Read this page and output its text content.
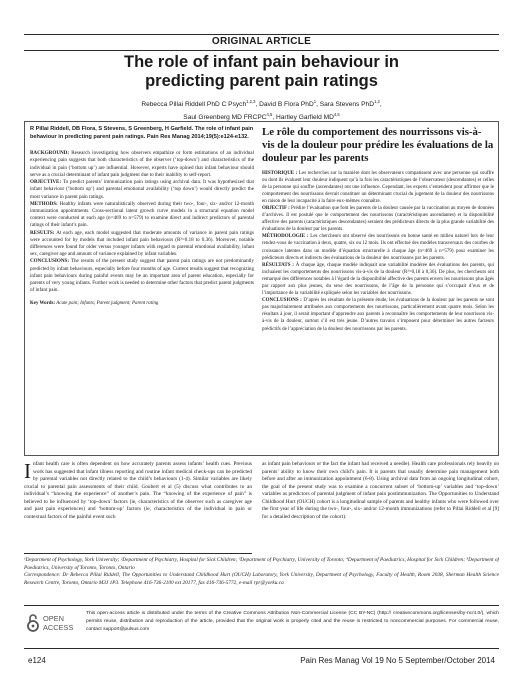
ORIGINAL ARTICLE
The role of infant pain behaviour in
predicting parent pain ratings
Rebecca Pillai Riddell PhD C Psych$^{1,2,3}$, David B Flora PhD$^1$, Sara Stevens PhD$^{1,2}$,
Saul Greenberg MD FRCPC$^{4,5}$, Hartley Garfield MD$^{4,5}$

R Pillai Riddell, DB Flora, S Stevens, S Greenberg, H Garfield. The role of infant pain behaviour in predicting parent pain ratings. Pain Res Manag 2014;19(5):e124-e132.

BACKGROUND: Research investigating how observers empathize or form estimations of an individual experiencing pain suggests that both characteristics of the observer (‘top-down’) and characteristics of the individual in pain (‘bottom up’) are influential. However, experts have opined that infant behaviour should serve as a crucial determinant of infant pain judgment due to their inability to self-report.

OBJECTIVE: To predict parents’ immunization pain ratings using archival data. It was hypothesized that infant behaviour (‘bottom up’) and parental emotional availability (‘top down’) would directly predict the most variance in parent pain ratings.

METHODS: Healthy infants were naturalistically observed during their two-, four-, six- and/or 12-month immunization appointments. Cross-sectional latent growth curve models in a structural equation model context were conducted at each age (n=469 to n=579) to examine direct and indirect predictors of parental ratings of their infant’s pain.

RESULTS: At each age, each model suggested that moderate amounts of variance in parent pain ratings were accounted for by models that included infant pain behaviours (R²=0.18 to 0.36). Moreover, notable differences were found for older versus younger infants with regard to parental emotional availability, infant sex, caregiver age and amount of variance explained by infant variables.

CONCLUSIONS: The results of the present study suggest that parent pain ratings are not predominantly predicted by infant behaviours, especially before four months of age. Current results suggest that recognizing infant pain behaviours during painful events may be an important area of parent education, especially for parents of very young infants. Further work is needed to determine other factors that predict parent judgments of infant pain.

Key Words: Acute pain; Infants; Parent judgment; Parent rating

Le rôle du comportement des nourrissons vis-à-vis de la douleur pour prédire les évaluations de la douleur par les parents

HISTORIQUE : Les recherches sur la manière dont les observateurs compatissent avec une personne qui souffre ou dont ils évaluent leur douleur indiquent qu’à la fois les caractéristiques de l’observateur (descendantes) et celles de la personne qui souffre (ascendantes) ont une influence. Cependant, les experts s’entendent pour affirmer que le comportement des nourrissons devrait constituer un déterminant crucial du jugement de la douleur des nourrissons en raison de leur incapacité à la faire eux-mêmes connaître.

OBJECTIF : Prédire l’évaluation que font les parents de la douleur causée par la vaccination au moyen de données d’archives. Il est postulé que le comportement des nourrissons (caractéristiques ascendantes) et la disponibilité affective des parents (caractéristiques descendantes) seraient des prédicteurs directs de la plus grande variabilité des évaluations de la douleur par les parents.

MÉTHODOLOGIE : Les chercheurs ont observé des nourrissons en bonne santé en milieu naturel lors de leur rendez-vous de vaccination à deux, quatre, six ou 12 mois. Ils ont effectué des modèles transversaux des courbes de croissance latentes dans un modèle d’équation structurelle à chaque âge (n=469 à n=579) pour examiner les prédicteurs directs et indirects des évaluations de la douleur des nourrissons par les parents.

RÉSULTATS : À chaque âge, chaque modèle indiquait une variabilité modérée des évaluations des parents, qui incluaient les comportements des nourrissons vis-à-vis de la douleur (R²=0,18 à 0,36). De plus, les chercheurs ont remarqué des différences notables à l’égard de la disponibilité affective des parents envers les nourrissons plus âgés par rapport aux plus jeunes, du sexe des nourrissons, de l’âge de la personne qui s’occupait d’eux et de l’importance de la variabilité expliquée selon les variables des nourrissons.

CONCLUSIONS : D’après les résultats de la présente étude, les évaluations de la douleur par les parents ne sont pas majoritairement attribuées aux comportements des nourrissons, particulièrement avant quatre mois. Selon les résultats à jour, il serait important d’apprendre aux parents à reconnaître les comportements de leur nourrisson vis-à-vis de la douleur, surtout s’il est très jeune. D’autres travaux s’imposent pour déterminer les autres facteurs prédictifs de l’appréciation de la douleur des nourrissons par les parents.

Infant health care is often dependent on how accurately parents assess infants’ health cues. Previous work has suggested that infant illness reporting and routine infant medical check-ups can be predicted by parental variables not directly related to the child’s behaviours (1-4). Similar variables are likely crucial to parental pain assessments of their child. Goubert et al (5) discuss what contributes to an individual’s “knowing the experience” of another’s pain. The “knowing of the experience of pain” is believed to be influenced by ‘top-down’ factors (ie, characteristics of the observer such as caregiver age and past pain experiences) and ‘bottom-up’ factors (ie, characteristics of the individual in pain or contextual factors of the painful event such

as infant pain behaviours or the fact the infant had received a needle). Health care professionals rely heavily on parents’ ability to know their own child’s pain. It is parents that usually determine pain management both before and after an immunization appointment (6-8). Using archival data from an ongoing longitudinal cohort, the goal of the present study was to examine a concurrent subset of ‘bottom-up’ variables and ‘top-down’ variables as predictors of parental judgment of infant pain postimmunization. The Opportunities to Understand Childhood Hurt (OUCH) cohort is a longitudinal sample of parents and healthy infants who were followed over the first year of life during the two-, four-, six- and/or 12-month immunizations (refer to Pillai Riddell et al [9] for a detailed description of the cohort).

¹Department of Psychology, York University; ²Department of Psychiatry, Hospital for Sick Children; ³Department of Psychiatry, University of Toronto; ⁴Department of Paediatrics, Hospital for Sick Children; ⁵Department of Paediatrics, University of Toronto, Toronto, Ontario

Correspondence: Dr Rebecca Pillai Riddell, The Opportunities to Understand Childhood Hurt (OUCH) Laboratory, York University, Department of Psychology, Faculty of Health, Room 2038, Sherman Health Science Research Centre, Toronto, Ontario M3J 1P3. Telephone 416-736-2100 ext 20177, fax 416-736-5772, e-mail rpr@yorku.ca

OPEN
ACCESS

This open-access article is distributed under the terms of the Creative Commons Attribution Non-Commercial License (CC BY-NC) (http:// creativecommons.org/licenses/by-nc/4.0/), which permits reuse, distribution and reproduction of the article, provided that the original work is properly cited and the reuse is restricted to noncommercial purposes. For commercial reuse, contact support@pulsus.com

e124	Pain Res Manag Vol 19 No 5 September/October 2014
